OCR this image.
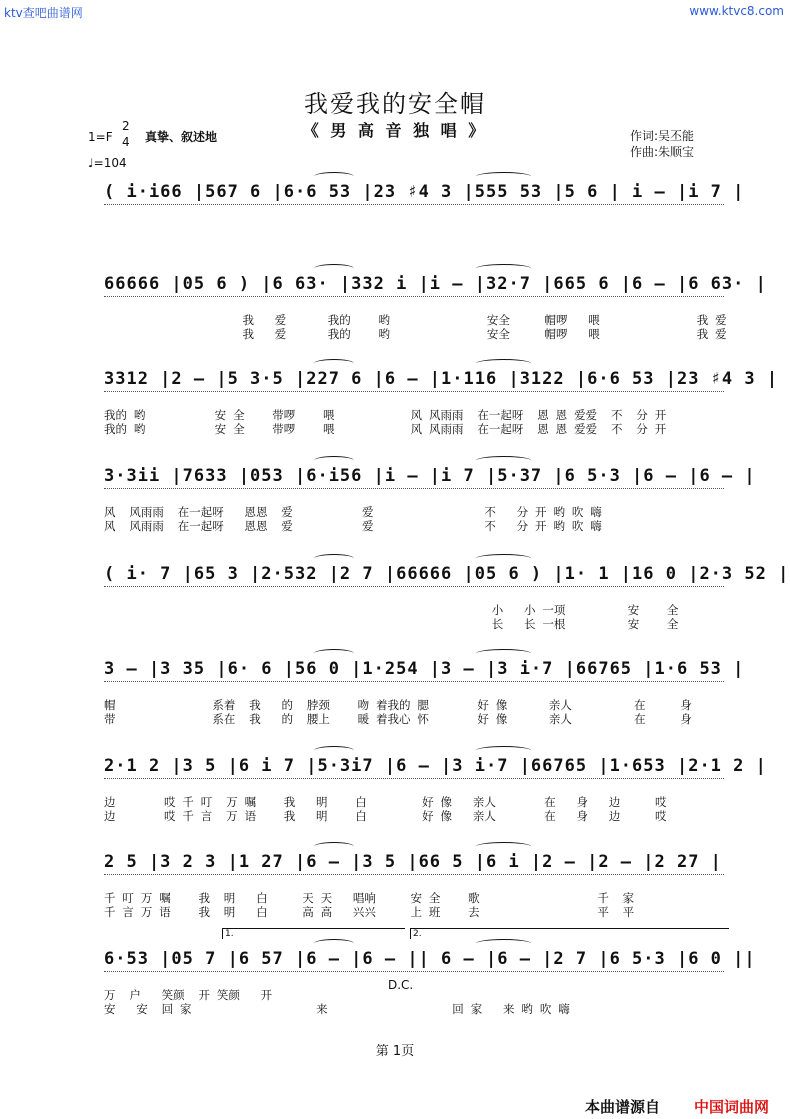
ktv查吧曲谱网	www.ktvc8.com
我爱我的安全帽
《 男 高 音 独 唱 》
1=F
2
4 真挚、叙述地
♩=104
作词:吴丕能
作曲:朱顺宝
( i·i66 |567 6 |6·6 53 |23 ♯4 3 |555 53 |5 6 | i – |i 7 |
66666 |05 6 ) |6 63· |332 i |i – |32·7 |665 6 |6 – |6 63· |
我   爱      我的    哟              安全     帽啰   喂              我 爱
我   爱      我的    哟              安全     帽啰   喂              我 爱
3312 |2 – |5 3·5 |227 6 |6 – |1·116 |3122 |6·6 53 |23 ♯4 3 |
我的 哟          安 全    带啰    喂           风 风雨雨  在一起呀  恩 恩 爱爱  不  分 开
我的 哟          安 全    带啰    喂           风 风雨雨  在一起呀  恩 恩 爱爱  不  分 开
3·3ii |7633 |053 |6·i56 |i – |i 7 |5·37 |6 5·3 |6 – |6 – |
风  风雨雨  在一起呀   恩恩  爱          爱                不   分 开 哟 吹 嗨
风  风雨雨  在一起呀   恩恩  爱          爱                不   分 开 哟 吹 嗨
( i· 7 |65 3 |2·532 |2 7 |66666 |05 6 ) |1· 1 |16 0 |2·3 52 |
小   小 一项         安    全
长   长 一根         安    全
3 – |3 35 |6· 6 |56 0 |1·254 |3 – |3 i·7 |66765 |1·6 53 |
帽              系着  我   的  脖颈    吻 着我的 腮       好 像      亲人         在     身
带              系在  我   的  腰上    暖 着我心 怀       好 像      亲人         在     身
2·1 2 |3 5 |6 i 7 |5·3i7 |6 – |3 i·7 |66765 |1·653 |2·1 2 |
边       哎 千 叮  万 嘱    我   明    白        好 像   亲人       在   身   边     哎
边       哎 千 言  万 语    我   明    白        好 像   亲人       在   身   边     哎
2 5 |3 2 3 |1 27 |6 – |3 5 |66 5 |6 i |2 – |2 – |2 27 |
千 叮 万 嘱    我  明   白     天 天   唱响     安 全    歌                 千  家
千 言 万 语    我  明   白     高 高   兴兴     上 班    去                 平  平
6·53 |05 7 |6 57 |6 – |6 – || 6 – |6 – |2 7 |6 5·3 |6 0 ||
万  户   笑颜  开 笑颜   开
安   安  回 家                  来                  回 家   来 哟 吹 嗨
1.	2.
D.C.
第 1页
本曲谱源自 中国词曲网
